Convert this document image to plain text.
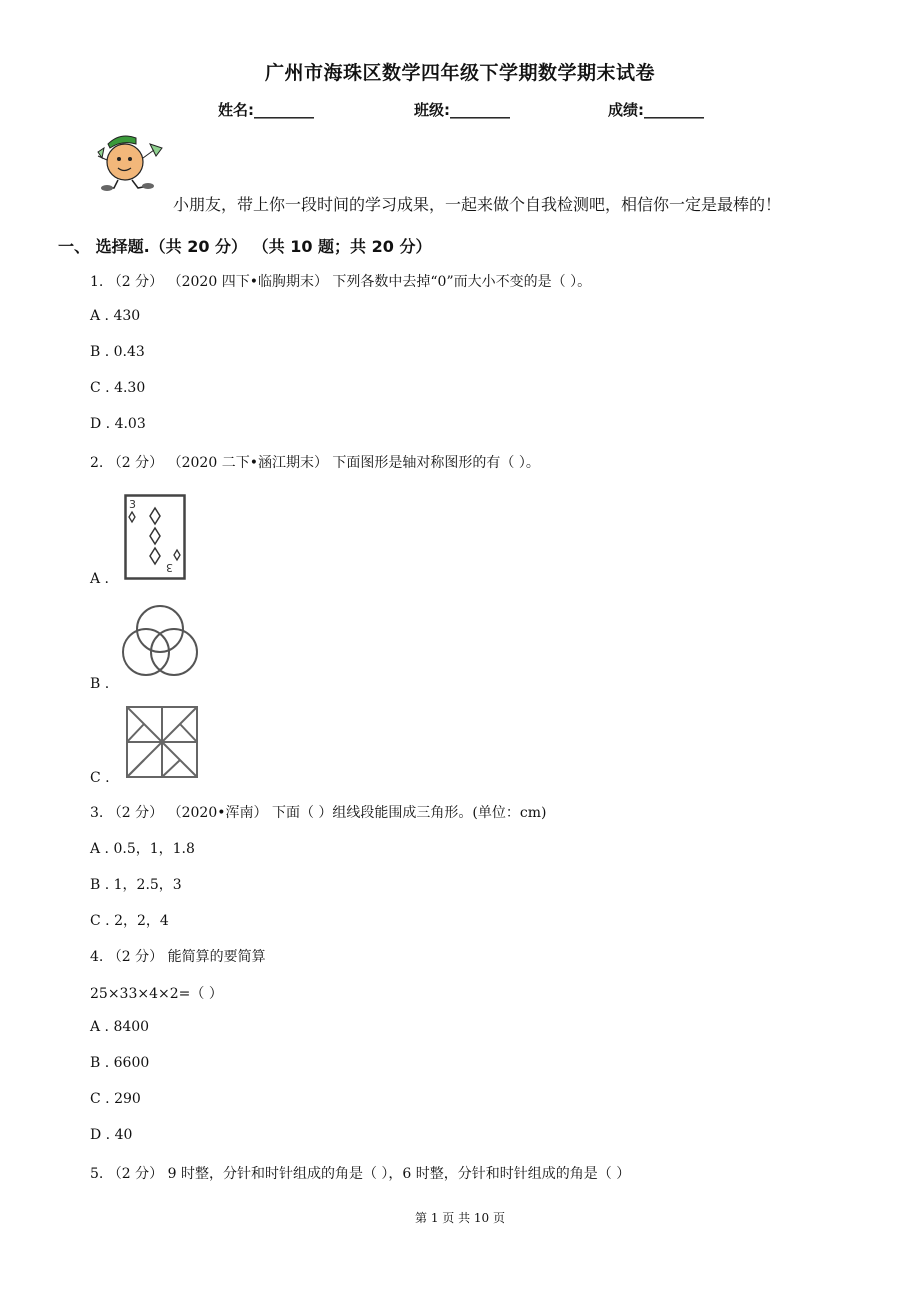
广州市海珠区数学四年级下学期数学期末试卷
姓名:________	班级:________	成绩:________
小朋友，带上你一段时间的学习成果，一起来做个自我检测吧，相信你一定是最棒的！
一、 选择题.（共 20 分） （共 10 题；共 20 分）
1. （2 分） （2020 四下•临朐期末） 下列各数中去掉“0”而大小不变的是（ ）。
A . 430
B . 0.43
C . 4.30
D . 4.03
2. （2 分） （2020 二下•涵江期末） 下面图形是轴对称图形的有（ ）。
3
3
A .
B .
C .
3. （2 分） （2020•浑南） 下面（ ）组线段能围成三角形。(单位：cm)
A . 0.5，1，1.8
B . 1，2.5，3
C . 2，2，4
4. （2 分） 能简算的要简算
25×33×4×2=（ ）
A . 8400
B . 6600
C . 290
D . 40
5. （2 分） 9 时整，分针和时针组成的角是（ ），6 时整，分针和时针组成的角是（ ）
第 1 页 共 10 页
